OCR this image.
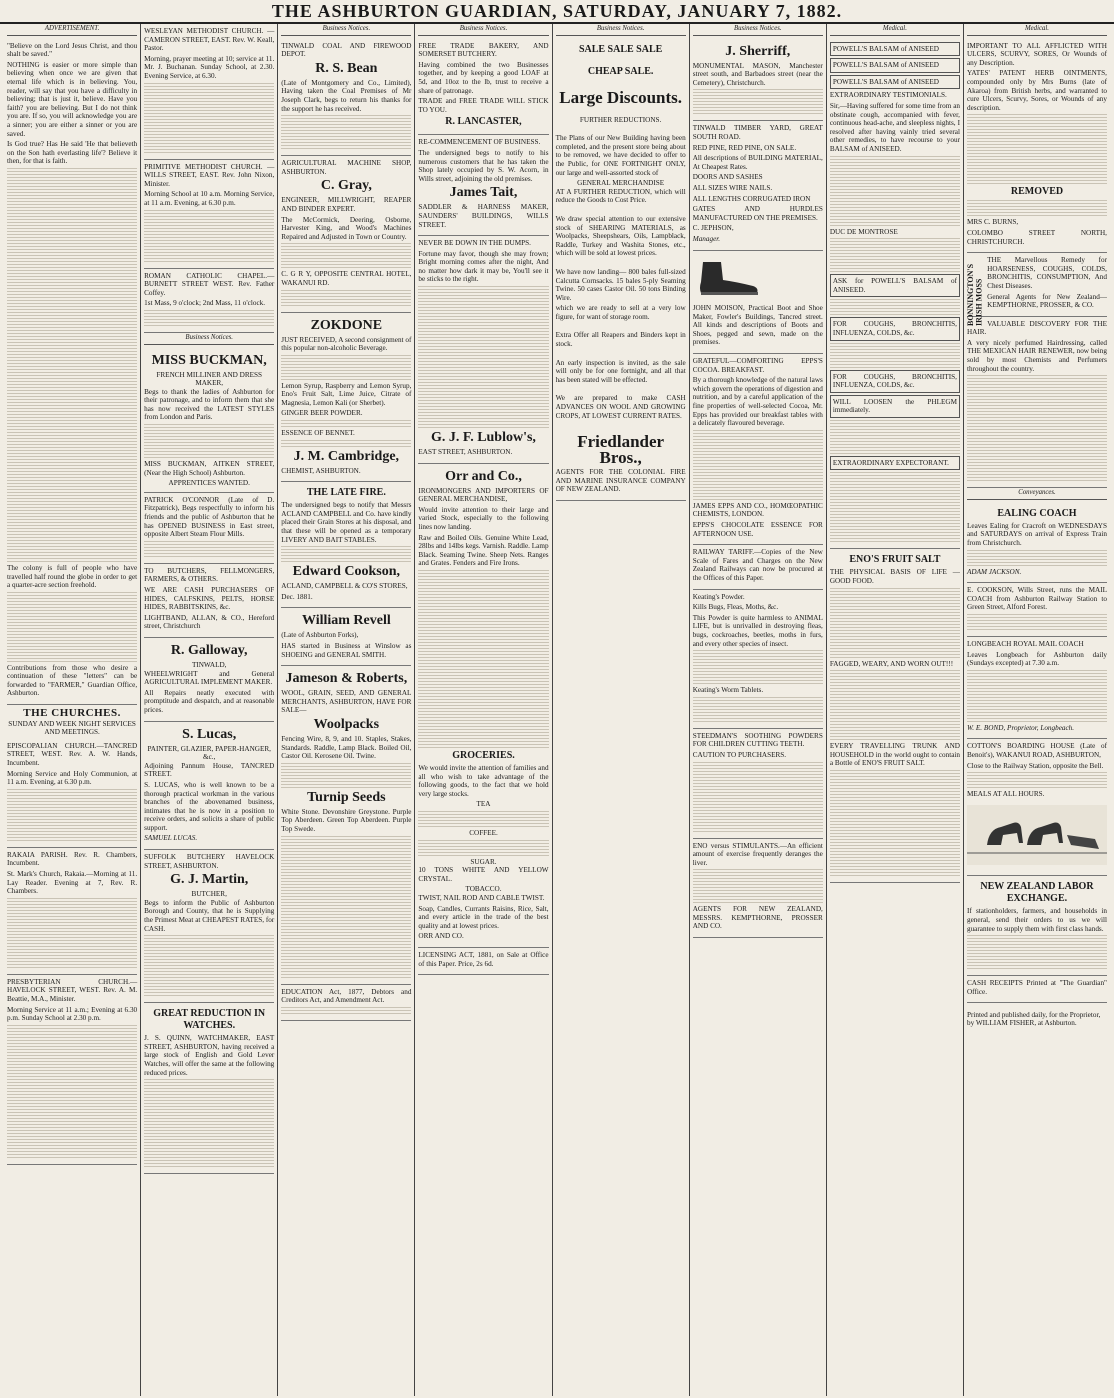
THE ASHBURTON GUARDIAN, SATURDAY, JANUARY 7, 1882.
ADVERTISEMENT.

"Believe on the Lord Jesus Christ, and thou shalt be saved."

NOTHING is easier or more simple than believing when once we are given that eternal life which is in believing. You, reader, will say that you have a difficulty in believing; that is just it, believe. Have you faith? you are believing. But I do not think you are. If so, you will acknowledge you are a sinner; you are either a sinner or you are saved.

Is God true? Has He said 'He that believeth on the Son hath everlasting life'? Believe it then, for that is faith.

The colony is full of people who have travelled half round the globe in order to get a quarter-acre section freehold.

Contributions from those who desire a continuation of these "letters" can be forwarded to "FARMER," Guardian Office, Ashburton.

THE CHURCHES.
SUNDAY AND WEEK NIGHT SERVICES AND MEETINGS.

EPISCOPALIAN CHURCH.—TANCRED STREET, WEST. Rev. A. W. Hands, Incumbent.

Morning Service and Holy Communion, at 11 a.m. Evening, at 6.30 p.m.

RAKAIA PARISH. Rev. R. Chambers, Incumbent.

St. Mark's Church, Rakaia.—Morning at 11. Lay Reader. Evening at 7, Rev. R. Chambers.

PRESBYTERIAN CHURCH.—HAVELOCK STREET, WEST. Rev. A. M. Beattie, M.A., Minister.

Morning Service at 11 a.m.; Evening at 6.30 p.m. Sunday School at 2.30 p.m.

WESLEYAN METHODIST CHURCH. —CAMERON STREET, EAST. Rev. W. Keall, Pastor.

Morning, prayer meeting at 10; service at 11. Mr. J. Buchanan. Sunday School, at 2.30. Evening Service, at 6.30.

PRIMITIVE METHODIST CHURCH. —WILLS STREET, EAST. Rev. John Nixon, Minister.

Morning School at 10 a.m. Morning Service, at 11 a.m. Evening, at 6.30 p.m.

ROMAN CATHOLIC CHAPEL.—BURNETT STREET WEST. Rev. Father Coffey.

1st Mass, 9 o'clock; 2nd Mass, 11 o'clock.

Business Notices.
MISS BUCKMAN,
FRENCH MILLINER AND DRESS MAKER,

Begs to thank the ladies of Ashburton for their patronage, and to inform them that she has now received the LATEST STYLES from London and Paris.

MISS BUCKMAN, AITKEN STREET, (Near the High School) Ashburton.

APPRENTICES WANTED.

PATRICK O'CONNOR (Late of D. Fitzpatrick), Begs respectfully to inform his friends and the public of Ashburton that he has OPENED BUSINESS in East street, opposite Albert Steam Flour Mills.

TO BUTCHERS, FELLMONGERS, FARMERS, & OTHERS.

WE ARE CASH PURCHASERS OF HIDES, CALFSKINS, PELTS, HORSE HIDES, RABBITSKINS, &c.

LIGHTBAND, ALLAN, & CO., Hereford street, Christchurch

R. Galloway,
TINWALD,

WHEELWRIGHT and General AGRICULTURAL IMPLEMENT MAKER.

All Repairs neatly executed with promptitude and despatch, and at reasonable prices.

S. Lucas,
PAINTER, GLAZIER, PAPER-HANGER, &c.,

Adjoining Pannum House, TANCRED STREET.

S. LUCAS, who is well known to be a thorough practical workman in the various branches of the abovenamed business, intimates that he is now in a position to receive orders, and solicits a share of public support.

SAMUEL LUCAS.

SUFFOLK BUTCHERY HAVELOCK STREET, ASHBURTON.

G. J. Martin,
BUTCHER,

Begs to inform the Public of Ashburton Borough and County, that he is Supplying the Primest Meat at CHEAPEST RATES, for CASH.

GREAT REDUCTION IN WATCHES.

J. S. QUINN, WATCHMAKER, EAST STREET, ASHBURTON, having received a large stock of English and Gold Lever Watches, will offer the same at the following reduced prices.

Business Notices.

TINWALD COAL AND FIREWOOD DEPOT.

R. S. Bean

(Late of Montgomery and Co., Limited), Having taken the Coal Premises of Mr Joseph Clark, begs to return his thanks for the support he has received.

AGRICULTURAL MACHINE SHOP, ASHBURTON.

C. Gray,

ENGINEER, MILLWRIGHT, REAPER AND BINDER EXPERT.

The McCormick, Deering, Osborne, Harvester King, and Wood's Machines Repaired and Adjusted in Town or Country.

C. G R Y, OPPOSITE CENTRAL HOTEL, WAKANUI RD.

ZOKDONE

JUST RECEIVED, A second consignment of this popular non-alcoholic Beverage.

Lemon Syrup, Raspberry and Lemon Syrup, Eno's Fruit Salt, Lime Juice, Citrate of Magnesia, Lemon Kali (or Sherbet).

GINGER BEER POWDER.

ESSENCE OF BENNET.

J. M. Cambridge,

CHEMIST, ASHBURTON.

THE LATE FIRE.

The undersigned begs to notify that Messrs ACLAND CAMPBELL and Co. have kindly placed their Grain Stores at his disposal, and that these will be opened as a temporary LIVERY AND BAIT STABLES.

Edward Cookson,

ACLAND, CAMPBELL & CO'S STORES,

Dec. 1881.

William Revell

(Late of Ashburton Forks),

HAS started in Business at Winslow as SHOEING and GENERAL SMITH.

Jameson & Roberts,

WOOL, GRAIN, SEED, AND GENERAL MERCHANTS, ASHBURTON, HAVE FOR SALE—

Woolpacks

Fencing Wire, 8, 9, and 10. Staples, Stakes, Standards. Raddle, Lamp Black. Boiled Oil, Castor Oil. Kerosene Oil. Twine.

Turnip Seeds

White Stone. Devonshire Greystone. Purple Top Aberdeen. Green Top Aberdeen. Purple Top Swede.

EDUCATION Act, 1877, Debtors and Creditors Act, and Amendment Act.

Business Notices.

FREE TRADE BAKERY, AND SOMERSET BUTCHERY.

Having combined the two Businesses together, and by keeping a good LOAF at 5d, and 10oz to the lb, trust to receive a share of patronage.

TRADE and FREE TRADE WILL STICK TO YOU.

R. LANCASTER,

RE-COMMENCEMENT OF BUSINESS.

The undersigned begs to notify to his numerous customers that he has taken the Shop lately occupied by S. W. Acorn, in Wills street, adjoining the old premises.

James Tait,

SADDLER & HARNESS MAKER, SAUNDERS' BUILDINGS, WILLS STREET.

NEVER BE DOWN IN THE DUMPS.

Fortune may favor, though she may frown; Bright morning comes after the night, And no matter how dark it may be, You'll see it be sticks to the right.

G. J. F. Lublow's,

EAST STREET, ASHBURTON.

Orr and Co.,

IRONMONGERS AND IMPORTERS OF GENERAL MERCHANDISE,

Would invite attention to their large and varied Stock, especially to the following lines now landing.

Raw and Boiled Oils. Genuine White Lead, 28lbs and 14lbs kegs. Varnish. Raddle. Lamp Black. Seaming Twine. Sheep Nets. Ranges and Grates. Fenders and Fire Irons.

GROCERIES.

We would invite the attention of families and all who wish to take advantage of the following goods, to the fact that we hold very large stocks.

TEA
COFFEE.
SUGAR.

10 TONS WHITE AND YELLOW CRYSTAL.

TOBACCO.

TWIST, NAIL ROD AND CABLE TWIST.

Soap, Candles, Currants Raisins, Rice, Salt, and every article in the trade of the best quality and at lowest prices.

ORR AND CO.

LICENSING ACT, 1881, on Sale at Office of this Paper. Price, 2s 6d.

Business Notices.
SALE SALE SALE
CHEAP SALE.
Large Discounts.
FURTHER REDUCTIONS.

The Plans of our New Building having been completed, and the present store being about to be removed, we have decided to offer to the Public, for ONE FORTNIGHT ONLY, our large and well-assorted stock of

GENERAL MERCHANDISE

AT A FURTHER REDUCTION, which will reduce the Goods to Cost Price.

We draw special attention to our extensive stock of SHEARING MATERIALS, as Woolpacks, Sheepshears, Oils, Lampblack, Raddle, Turkey and Washita Stones, etc., which will be sold at lowest prices.

We have now landing— 800 bales full-sized Calcutta Cornsacks. 15 bales 5-ply Seaming Twine. 50 cases Castor Oil. 50 tons Binding Wire.

which we are ready to sell at a very low figure, for want of storage room.

Extra Offer all Reapers and Binders kept in stock.

An early inspection is invited, as the sale will only be for one fortnight, and all that has been stated will be effected.

We are prepared to make CASH ADVANCES ON WOOL AND GROWING CROPS, AT LOWEST CURRENT RATES.

Friedlander Bros.,

AGENTS FOR THE COLONIAL FIRE AND MARINE INSURANCE COMPANY OF NEW ZEALAND.

Business Notices.
J. Sherriff,

MONUMENTAL MASON, Manchester street south, and Barbadoes street (near the Cemetery), Christchurch.

TINWALD TIMBER YARD, GREAT SOUTH ROAD.

RED PINE, RED PINE, ON SALE.

All descriptions of BUILDING MATERIAL, At Cheapest Rates.

DOORS AND SASHES

ALL SIZES WIRE NAILS.

ALL LENGTHS CORRUGATED IRON

GATES AND HURDLES MANUFACTURED ON THE PREMISES.

C. JEPHSON,

Manager.

JOHN MOISON, Practical Boot and Shoe Maker, Fowler's Buildings, Tancred street. All kinds and descriptions of Boots and Shoes, pegged and sewn, made on the premises.

GRATEFUL—COMFORTING EPPS'S COCOA. BREAKFAST.

By a thorough knowledge of the natural laws which govern the operations of digestion and nutrition, and by a careful application of the fine properties of well-selected Cocoa, Mr. Epps has provided our breakfast tables with a delicately flavoured beverage.

JAMES EPPS AND CO., HOMŒOPATHIC CHEMISTS, LONDON.

EPPS'S CHOCOLATE ESSENCE FOR AFTERNOON USE.

RAILWAY TARIFF.—Copies of the New Scale of Fares and Charges on the New Zealand Railways can now be procured at the Offices of this Paper.

Keating's Powder.

Kills Bugs, Fleas, Moths, &c.

This Powder is quite harmless to ANIMAL LIFE, but is unrivalled in destroying fleas, bugs, cockroaches, beetles, moths in furs, and every other species of insect.

Keating's Worm Tablets.

STEEDMAN'S SOOTHING POWDERS FOR CHILDREN CUTTING TEETH.

CAUTION TO PURCHASERS.

ENO versus STIMULANTS.—An efficient amount of exercise frequently deranges the liver.

AGENTS FOR NEW ZEALAND, MESSRS. KEMPTHORNE, PROSSER AND CO.

Medical.

POWELL'S BALSAM of ANISEED

POWELL'S BALSAM of ANISEED

POWELL'S BALSAM of ANISEED

EXTRAORDINARY TESTIMONIALS.

Sir,—Having suffered for some time from an obstinate cough, accompanied with fever, continuous head-ache, and sleepless nights, I resolved after having vainly tried several other remedies, to have recourse to your BALSAM of ANISEED.

DUC DE MONTROSE

ASK for POWELL'S BALSAM of ANISEED.

FOR COUGHS, BRONCHITIS, INFLUENZA, COLDS, &c.

FOR COUGHS, BRONCHITIS, INFLUENZA, COLDS, &c.

WILL LOOSEN the PHLEGM immediately.

EXTRAORDINARY EXPECTORANT.

ENO'S FRUIT SALT

THE PHYSICAL BASIS OF LIFE — GOOD FOOD.

FAGGED, WEARY, AND WORN OUT!!!

EVERY TRAVELLING TRUNK AND HOUSEHOLD in the world ought to contain a Bottle of ENO'S FRUIT SALT.

Medical.

IMPORTANT TO ALL AFFLICTED WITH ULCERS, SCURVY, SORES, Or Wounds of any Description.

YATES' PATENT HERB OINTMENTS, compounded only by Mrs Burns (late of Akaroa) from British herbs, and warranted to cure Ulcers, Scurvy, Sores, or Wounds of any description.

REMOVED

MRS C. BURNS,

COLOMBO STREET NORTH, CHRISTCHURCH.

BONNINGTON'S IRISH MOSS

THE Marvellous Remedy for HOARSENESS, COUGHS, COLDS, BRONCHITIS, CONSUMPTION, And Chest Diseases.

General Agents for New Zealand— KEMPTHORNE, PROSSER, & CO.

VALUABLE DISCOVERY FOR THE HAIR.

A very nicely perfumed Hairdressing, called THE MEXICAN HAIR RENEWER, now being sold by most Chemists and Perfumers throughout the country.

Conveyances.
EALING COACH

Leaves Ealing for Cracroft on WEDNESDAYS and SATURDAYS on arrival of Express Train from Christchurch.

ADAM JACKSON.

E. COOKSON, Wills Street, runs the MAIL COACH from Ashburton Railway Station to Green Street, Alford Forest.

LONGBEACH ROYAL MAIL COACH

Leaves Longbeach for Ashburton daily (Sundays excepted) at 7.30 a.m.

W. E. BOND, Proprietor, Longbeach.

COTTON'S BOARDING HOUSE (Late of Benoit's), WAKANUI ROAD, ASHBURTON,

Close to the Railway Station, opposite the Bell.

MEALS AT ALL HOURS.

NEW ZEALAND LABOR EXCHANGE.

If stationholders, farmers, and households in general, send their orders to us we will guarantee to supply them with first class hands.

CASH RECEIPTS Printed at "The Guardian" Office.

Printed and published daily, for the Proprietor, by WILLIAM FISHER, at Ashburton.
